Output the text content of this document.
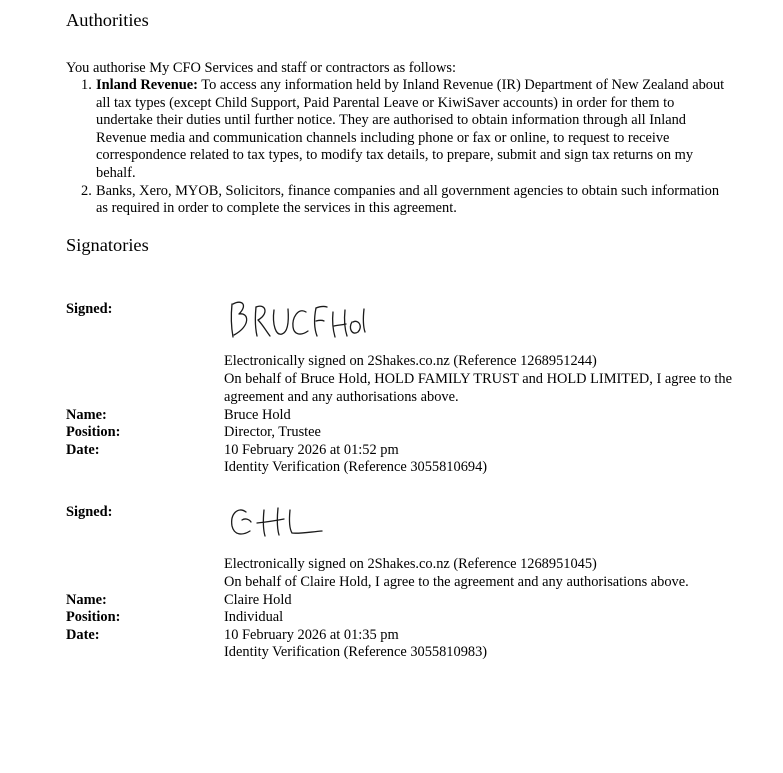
Authorities

You authorise My CFO Services and staff or contractors as follows:

1. Inland Revenue: To access any information held by Inland Revenue (IR) Department of New Zealand about all tax types (except Child Support, Paid Parental Leave or KiwiSaver accounts) in order for them to undertake their duties until further notice. They are authorised to obtain information through all Inland Revenue media and communication channels including phone or fax or online, to request to receive correspondence related to tax types, to modify tax details, to prepare, submit and sign tax returns on my behalf.
2. Banks, Xero, MYOB, Solicitors, finance companies and all government agencies to obtain such information as required in order to complete the services in this agreement.
Signatories
Signed:
Electronically signed on 2Shakes.co.nz (Reference 1268951244)
On behalf of Bruce Hold, HOLD FAMILY TRUST and HOLD LIMITED, I agree to the agreement and any authorisations above.
Name:	Bruce Hold
Position:	Director, Trustee
Date:	10 February 2026 at 01:52 pm
Identity Verification (Reference 3055810694)
Signed:
Electronically signed on 2Shakes.co.nz (Reference 1268951045)
On behalf of Claire Hold, I agree to the agreement and any authorisations above.
Name:	Claire Hold
Position:	Individual
Date:	10 February 2026 at 01:35 pm
Identity Verification (Reference 3055810983)
